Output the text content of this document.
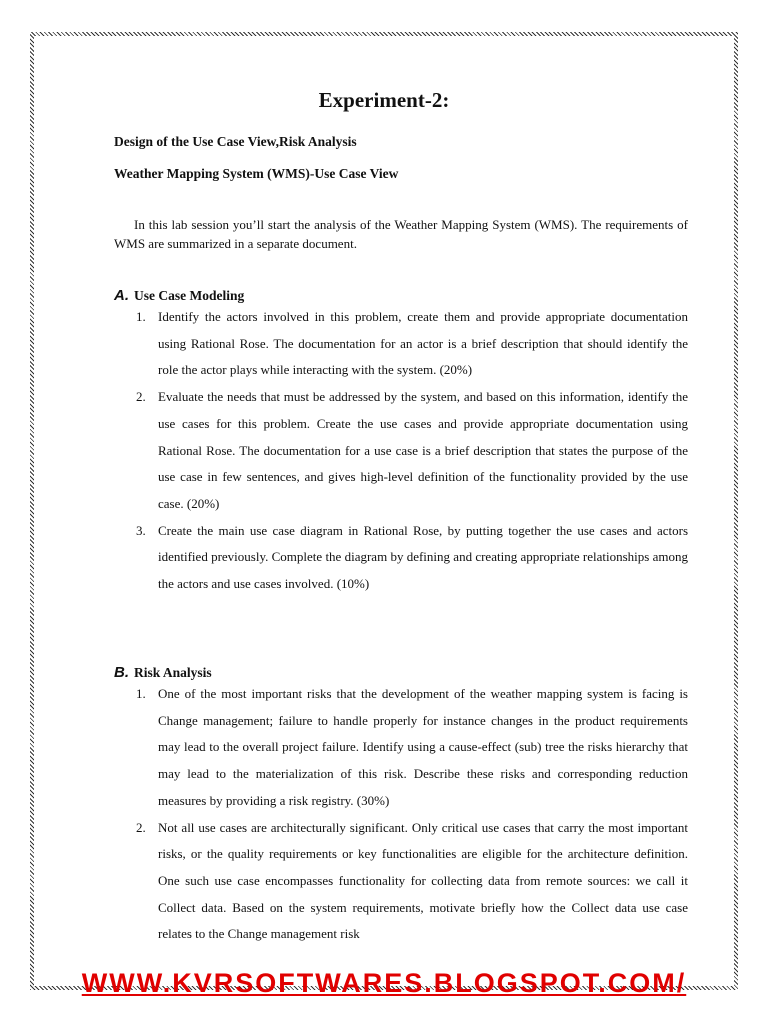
Experiment-2:
Design of the Use Case View,Risk Analysis
Weather Mapping System (WMS)-Use Case View
In this lab session you’ll start the analysis of the Weather Mapping System (WMS). The requirements of WMS are summarized in a separate document.
A. Use Case Modeling
1. Identify the actors involved in this problem, create them and provide appropriate documentation using Rational Rose. The documentation for an actor is a brief description that should identify the role the actor plays while interacting with the system. (20%)
2. Evaluate the needs that must be addressed by the system, and based on this information, identify the use cases for this problem. Create the use cases and provide appropriate documentation using Rational Rose. The documentation for a use case is a brief description that states the purpose of the use case in few sentences, and gives high-level definition of the functionality provided by the use case. (20%)
3. Create the main use case diagram in Rational Rose, by putting together the use cases and actors identified previously. Complete the diagram by defining and creating appropriate relationships among the actors and use cases involved. (10%)
B. Risk Analysis
1. One of the most important risks that the development of the weather mapping system is facing is Change management; failure to handle properly for instance changes in the product requirements may lead to the overall project failure. Identify using a cause-effect (sub) tree the risks hierarchy that may lead to the materialization of this risk. Describe these risks and corresponding reduction measures by providing a risk registry. (30%)
2. Not all use cases are architecturally significant. Only critical use cases that carry the most important risks, or the quality requirements or key functionalities are eligible for the architecture definition. One such use case encompasses functionality for collecting data from remote sources: we call it Collect data. Based on the system requirements, motivate briefly how the Collect data use case relates to the Change management risk
WWW.KVRSOFTWARES.BLOGSPOT.COM/
